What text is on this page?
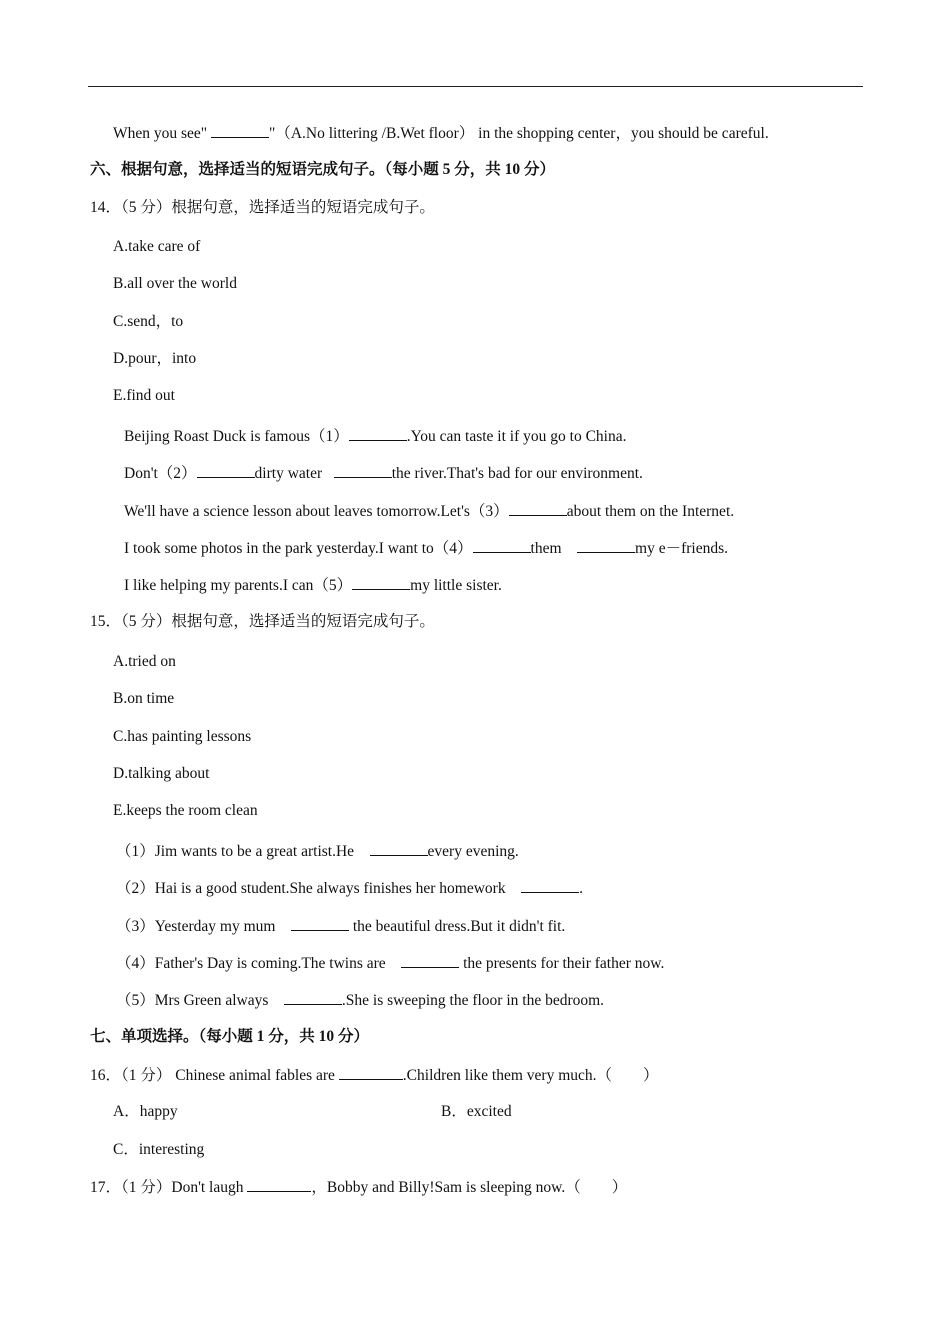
When you see"	"（A.No littering /B.Wet floor） in the shopping center，you should be careful.
六、根据句意，选择适当的短语完成句子。（每小题 5 分，共 10 分）
14．（5 分）根据句意，选择适当的短语完成句子。
A.take care of
B.all over the world
C.send，to
D.pour，into
E.find out
Beijing Roast Duck is famous（1）	.You can taste it if you go to China.
Don't（2）	dirty water	the river.That's bad for our environment.
We'll have a science lesson about leaves tomorrow.Let's（3）	about them on the Internet.
I took some photos in the park yesterday.I want to（4）	them	my e－friends.
I like helping my parents.I can（5）	my little sister.
15．（5 分）根据句意，选择适当的短语完成句子。
A.tried on
B.on time
C.has painting lessons
D.talking about
E.keeps the room clean
（1）Jim wants to be a great artist.He	every evening.
（2）Hai is a good student.She always finishes her homework	.
（3）Yesterday my mum	the beautiful dress.But it didn't fit.
（4）Father's Day is coming.The twins are	the presents for their father now.
（5）Mrs Green always	.She is sweeping the floor in the bedroom.
七、单项选择。（每小题 1 分，共 10 分）
16．（1 分） Chinese animal fables are	.Children like them very much.（　　）
A．happy	B．excited
C．interesting
17．（1 分）Don't laugh	，Bobby and Billy!Sam is sleeping now.（　　）
